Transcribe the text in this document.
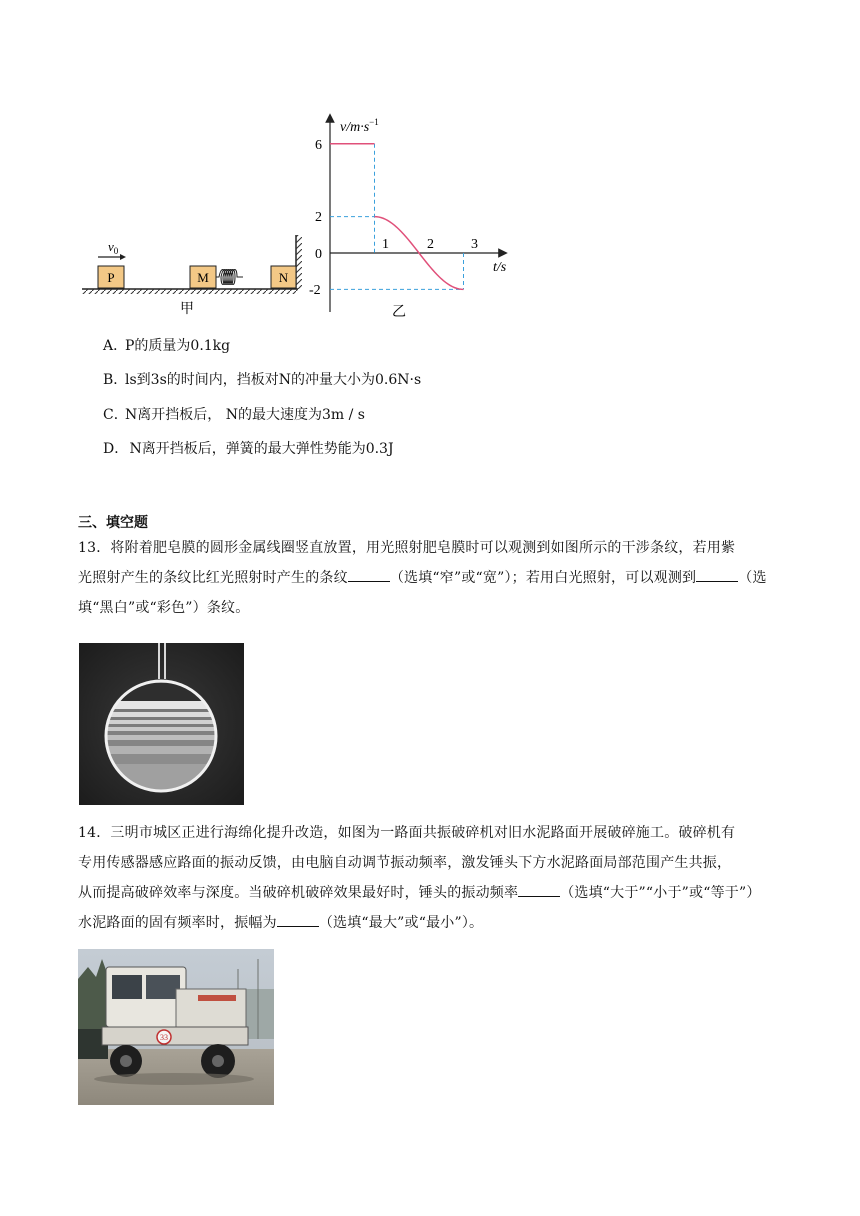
$v_0$
P	M	N
甲
$v/m\cdot s^{-1}$
t/s
6
2
0
-2
1	2	3
乙
A．P的质量为0.1kg
B．ls到3s的时间内，挡板对N的冲量大小为0.6N·s
C．N离开挡板后， N的最大速度为3m / s
D． N离开挡板后，弹簧的最大弹性势能为0.3J
三、填空题
13．将附着肥皂膜的圆形金属线圈竖直放置，用光照射肥皂膜时可以观测到如图所示的干涉条纹，若用紫
光照射产生的条纹比红光照射时产生的条纹	（选填“窄”或“宽”）；若用白光照射，可以观测到	（选
填“黑白”或“彩色”）条纹。
14．三明市城区正进行海绵化提升改造，如图为一路面共振破碎机对旧水泥路面开展破碎施工。破碎机有
专用传感器感应路面的振动反馈，由电脑自动调节振动频率，激发锤头下方水泥路面局部范围产生共振，
从而提高破碎效率与深度。当破碎机破碎效果最好时，锤头的振动频率	（选填“大于”“小于”或“等于”）
水泥路面的固有频率时，振幅为	（选填“最大”或“最小”）。
33
